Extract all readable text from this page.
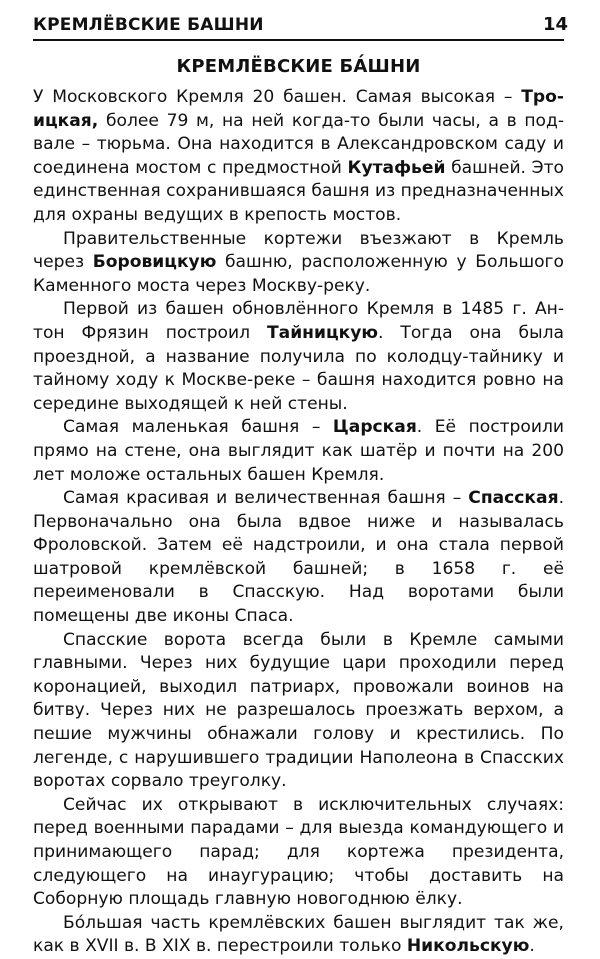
КРЕМЛЁВСКИЕ БАШНИ	14
КРЕМЛЁВСКИЕ БА́ШНИ

У Московского Кремля 20 башен. Самая высокая – Троицкая, более 79 м, на ней когда-то были часы, а в подвале – тюрьма. Она находится в Александровском саду и соединена мостом с предмостной Кутафьей башней. Это единственная сохранившаяся башня из предназначенных для охраны ведущих в крепость мостов.

Правительственные кортежи въезжают в Кремль через Боровицкую башню, расположенную у Большого Каменного моста через Москву-реку.

Первой из башен обновлённого Кремля в 1485 г. Антон Фрязин построил Тайницкую. Тогда она была проездной, а название получила по колодцу-тайнику и тайному ходу к Москве-реке – башня находится ровно на середине выходящей к ней стены.

Самая маленькая башня – Царская. Её построили прямо на стене, она выглядит как шатёр и почти на 200 лет моложе остальных башен Кремля.

Самая красивая и величественная башня – Спасская. Первоначально она была вдвое ниже и называлась Фроловской. Затем её надстроили, и она стала первой шатровой кремлёвской башней; в 1658 г. её переименовали в Спасскую. Над воротами были помещены две иконы Спаса.

Спасские ворота всегда были в Кремле самыми главными. Через них будущие цари проходили перед коронацией, выходил патриарх, провожали воинов на битву. Через них не разрешалось проезжать верхом, а пешие мужчины обнажали голову и крестились. По легенде, с нарушившего традиции Наполеона в Спасских воротах сорвало треуголку.

Сейчас их открывают в исключительных случаях: перед военными парадами – для выезда командующего и принимающего парад; для кортежа президента, следующего на инаугурацию; чтобы доставить на Соборную площадь главную новогоднюю ёлку.

Бо́льшая часть кремлёвских башен выглядит так же, как в XVII в. В XIX в. перестроили только Никольскую.
